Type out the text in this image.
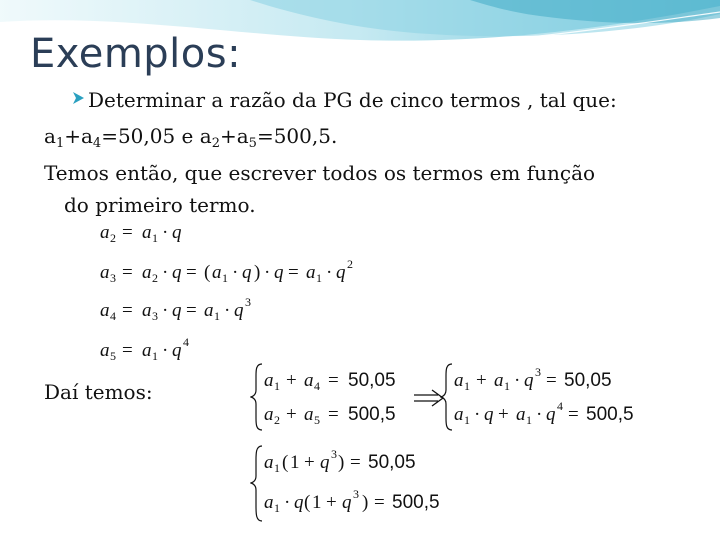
Exemplos:
Determinar a razão da PG de cinco termos , tal que:
$a_1+a_4=50,05$ e $a_2+a_5=500,5$.
Temos então, que escrever todos os termos em função
do primeiro termo.
Daí temos:
a 2 = a 1 · q
a 3 = a 2 · q = ( a 1 · q ) · q = a 1 · q 2
a 4 = a 3 · q = a 1 · q 3
a 5 = a 1 · q 4
a 1 + a 4 = 50,05
a 2 + a 5 = 500,5
a 1 + a 1 · q 3 = 50,05
a 1 · q + a 1 · q 4 = 500,5
a 1 ( 1 + q 3 ) = 50,05
a 1 · q ( 1 + q 3 ) = 500,5
